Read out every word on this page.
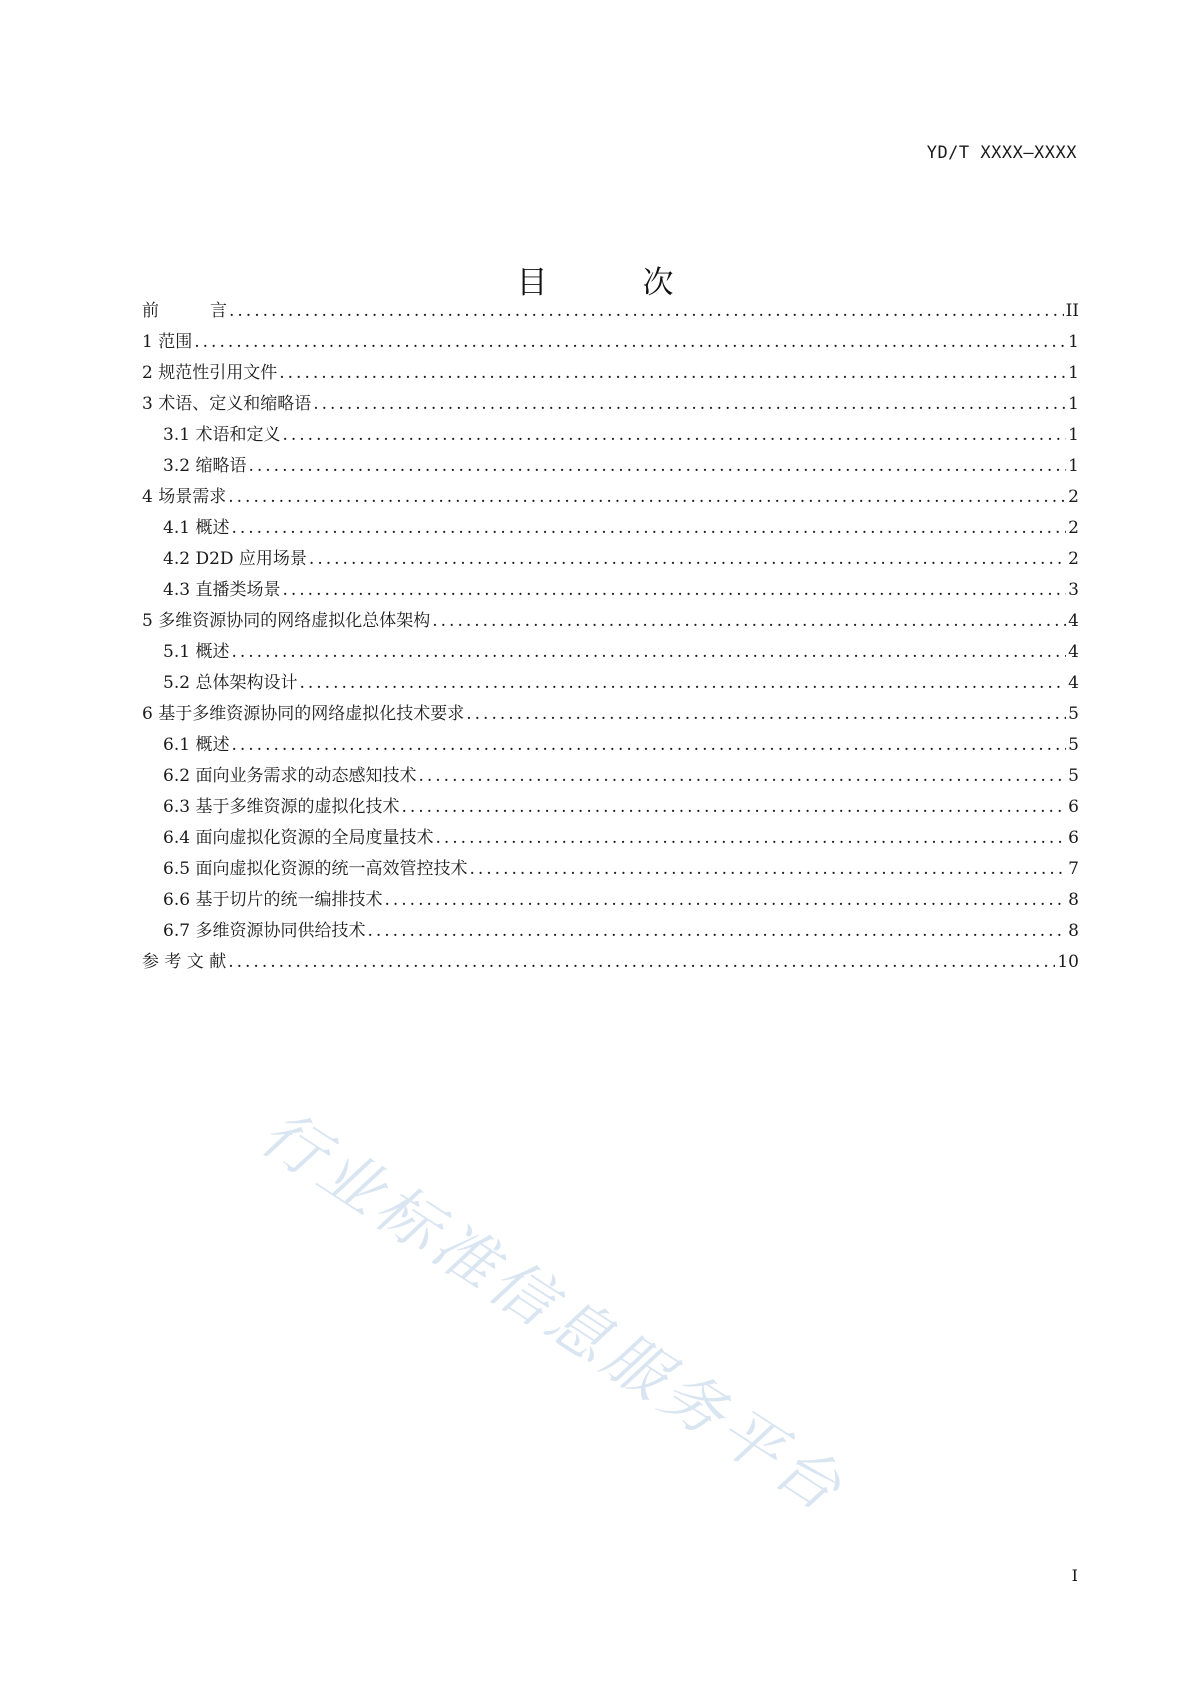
YD/T XXXX—XXXX
目	次
前　　　言 .....	II
1 范围 .....	1
2 规范性引用文件 .....	1
3 术语、定义和缩略语 .....	1
3.1 术语和定义 .....	1
3.2 缩略语 .....	1
4 场景需求 .....	2
4.1 概述 .....	2
4.2 D2D 应用场景 .....	2
4.3 直播类场景 .....	3
5 多维资源协同的网络虚拟化总体架构 .....	4
5.1 概述 .....	4
5.2 总体架构设计 .....	4
6 基于多维资源协同的网络虚拟化技术要求 .....	5
6.1 概述 .....	5
6.2 面向业务需求的动态感知技术 .....	5
6.3 基于多维资源的虚拟化技术 .....	6
6.4 面向虚拟化资源的全局度量技术 .....	6
6.5 面向虚拟化资源的统一高效管控技术 .....	7
6.6 基于切片的统一编排技术 .....	8
6.7 多维资源协同供给技术 .....	8
参 考 文 献 .....	10
行业标准信息服务平台
I
